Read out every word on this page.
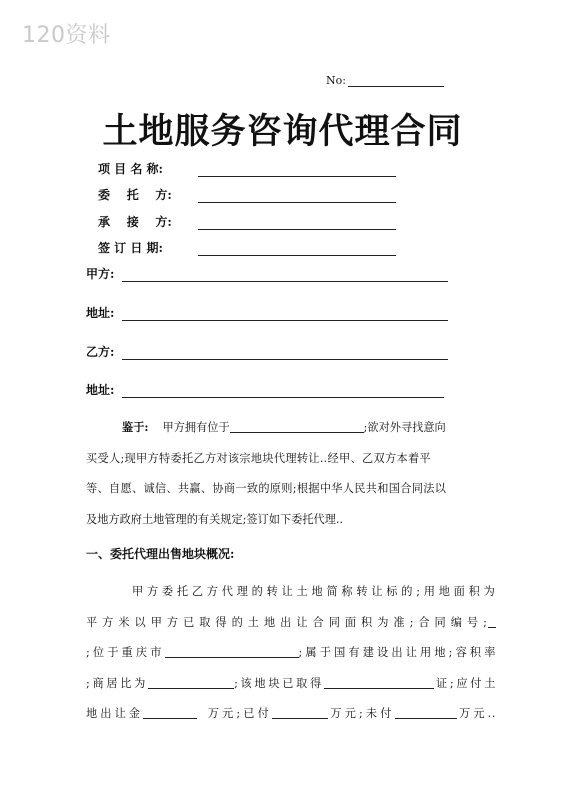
120资料
No:
土地服务咨询代理合同
项 目 名 称:
委    托    方:
承    接    方:
签 订 日 期:
甲方:
地址:
乙方:
地址:
鉴于: 甲方拥有位于	;欲对外寻找意向
买受人;现甲方特委托乙方对该宗地块代理转让..经甲、乙双方本着平
等、自愿、诚信、共赢、协商一致的原则;根据中华人民共和国合同法以
及地方政府土地管理的有关规定;签订如下委托代理..
一、委托代理出售地块概况:
甲方委托乙方代理的转让土地简称转让标的;用地面积为
平方米以甲方已取得的土地出让合同面积为准;合同编号;
;位于重庆市	;属于国有建设出让用地;容积率
;商居比为	;该地块已取得	证;应付土
地出让金	万元;已付	万元;未付	万元..
